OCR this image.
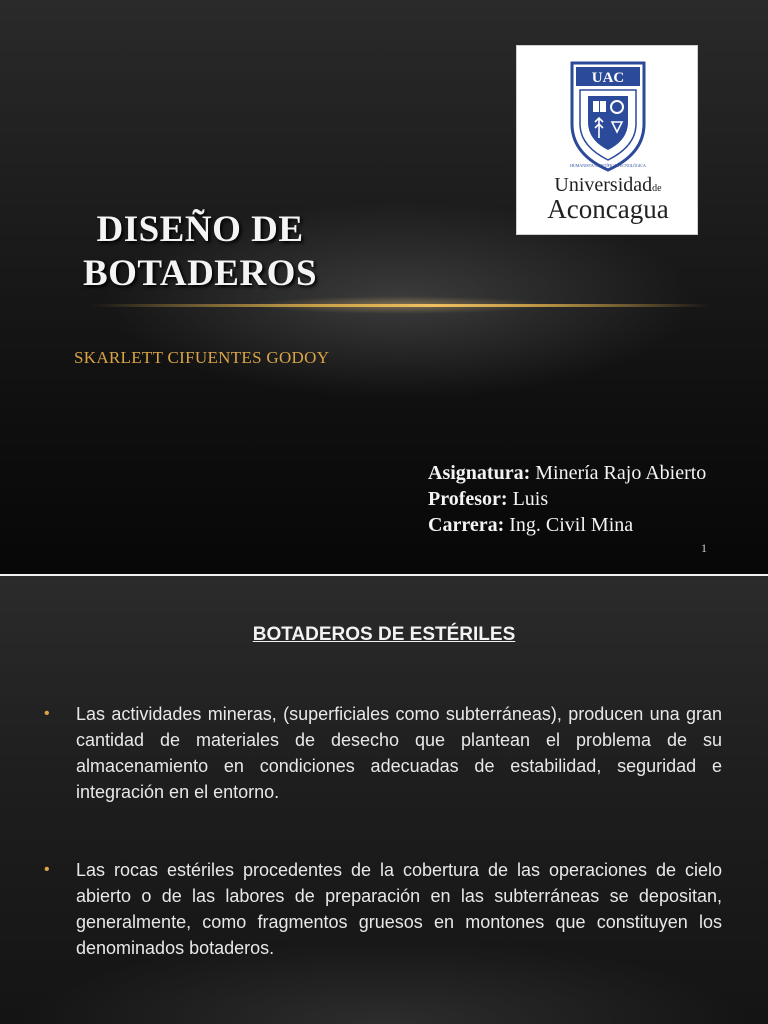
DISEÑO DE
BOTADEROS
SKARLETT CIFUENTES GODOY
Asignatura: Minería Rajo Abierto
Profesor: Luis
Carrera: Ing. Civil Mina
1
UAC
HUMANISTA CIENTÍFICA TECNOLÓGICA
Universidadde
Aconcagua
BOTADEROS DE ESTÉRILES
• Las actividades mineras, (superficiales como subterráneas), producen una gran cantidad de materiales de desecho que plantean el problema de su almacenamiento en condiciones adecuadas de estabilidad, seguridad e integración en el entorno.
• Las rocas estériles procedentes de la cobertura de las operaciones de cielo abierto o de las labores de preparación en las subterráneas se depositan, generalmente, como fragmentos gruesos en montones que constituyen los denominados botaderos.
